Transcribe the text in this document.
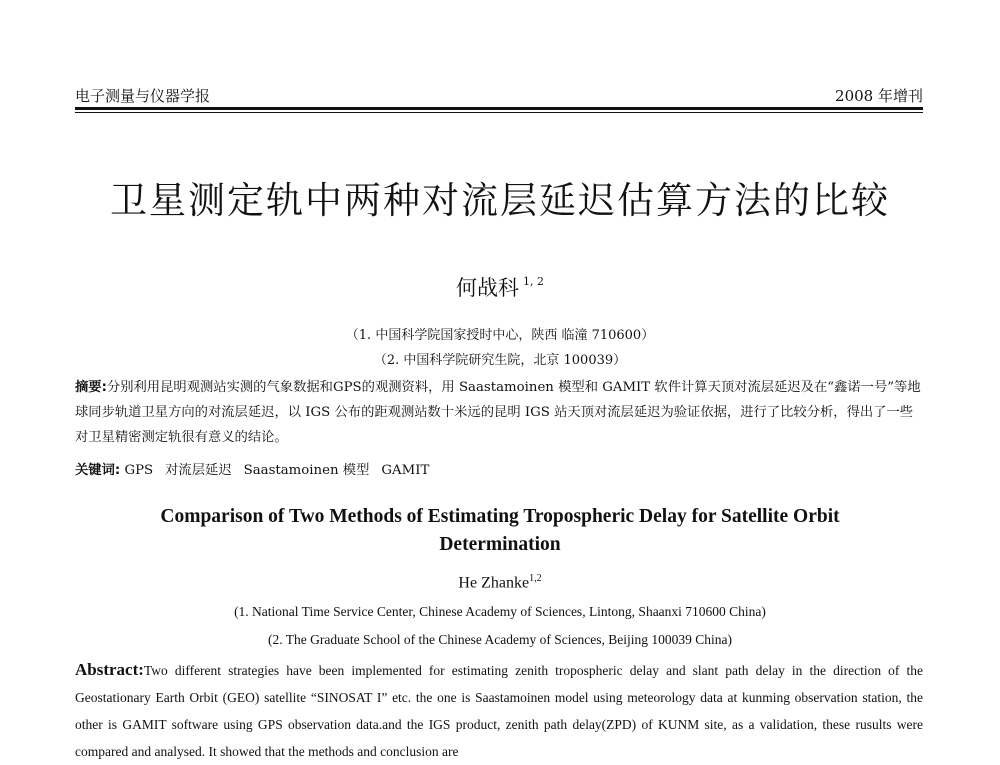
电子测量与仪器学报	2008 年增刊
卫星测定轨中两种对流层延迟估算方法的比较
何战科 $^{1, 2}$
（1. 中国科学院国家授时中心，陕西 临潼 710600）
（2. 中国科学院研究生院，北京 100039）

摘要:分别利用昆明观测站实测的气象数据和GPS的观测资料，用 Saastamoinen 模型和 GAMIT 软件计算天顶对流层延迟及在“鑫诺一号”等地球同步轨道卫星方向的对流层延迟，以 IGS 公布的距观测站数十米远的昆明 IGS 站天顶对流层延迟为验证依据，进行了比较分析，得出了一些对卫星精密测定轨很有意义的结论。

关键词: GPS 对流层延迟 Saastamoinen 模型 GAMIT

Comparison of Two Methods of Estimating Tropospheric Delay for Satellite Orbit Determination
He Zhanke$^{1,2}$
(1. National Time Service Center, Chinese Academy of Sciences, Lintong, Shaanxi 710600 China)
(2. The Graduate School of the Chinese Academy of Sciences, Beijing 100039 China)

Abstract:Two different strategies have been implemented for estimating zenith tropospheric delay and slant path delay in the direction of the Geostationary Earth Orbit (GEO) satellite “SINOSAT I” etc. the one is Saastamoinen model using meteorology data at kunming observation station, the other is GAMIT software using GPS observation data.and the IGS product, zenith path delay(ZPD) of KUNM site, as a validation, these rusults were compared and analysed. It showed that the methods and conclusion are
